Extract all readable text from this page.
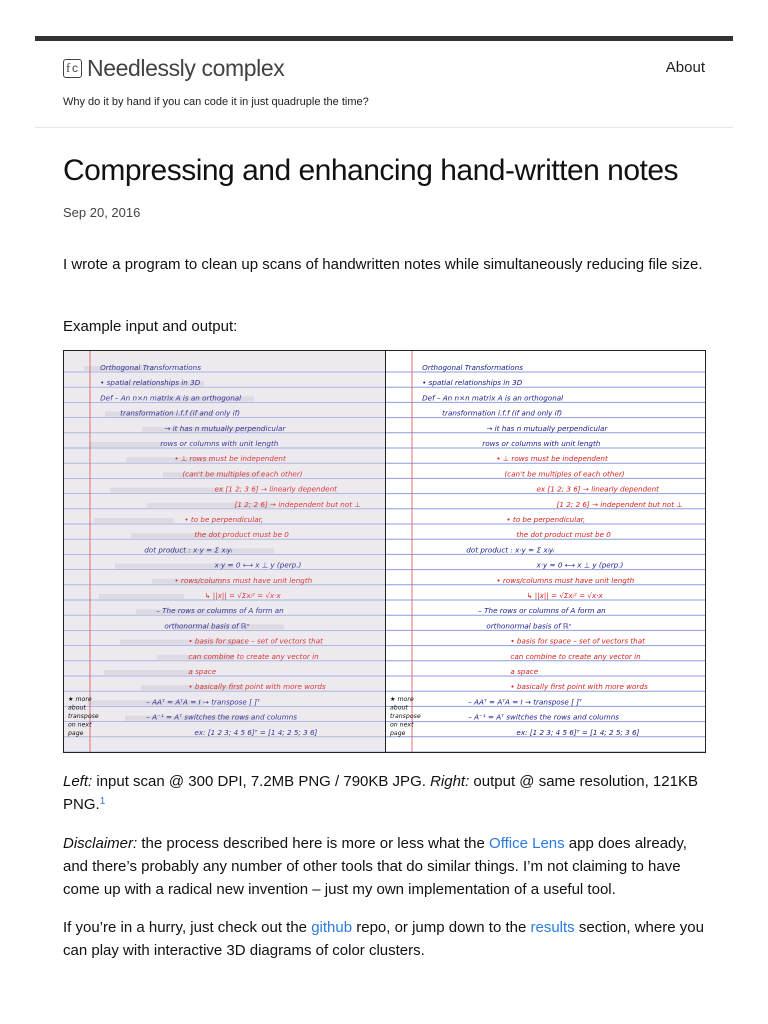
f c Needlessly complex	About
Why do it by hand if you can code it in just quadruple the time?
Compressing and enhancing hand-written notes
Sep 20, 2016

I wrote a program to clean up scans of handwritten notes while simultaneously reducing file size.

Example input and output:

Orthogonal Transformations
• spatial relationships in 3D
Def – An n×n matrix A is an orthogonal
transformation i.f.f (if and only if)
→ it has n mutually perpendicular
rows or columns with unit length
• ⊥ rows must be independent
(can't be multiples of each other)
ex [1 2; 3 6] → linearly dependent
[1 2; 2 6] → independent but not ⊥
• to be perpendicular,
the dot product must be 0
dot product : x·y = Σ xᵢyᵢ
x·y = 0 ⟷ x ⊥ y (perp.)
• rows/columns must have unit length
↳ ||x|| = √Σxᵢ² = √x·x
– The rows or columns of A form an
orthonormal basis of ℝⁿ
• basis for space – set of vectors that
can combine to create any vector in
a space
• basically first point with more words
– AAᵀ = AᵀA = I ⇝ transpose [ ]ᵀ
– A⁻¹ = Aᵀ switches the rows and columns
ex: [1 2 3; 4 5 6]ᵀ = [1 4; 2 5; 3 6]
★ more
about
transpose
on next
page
Orthogonal Transformations
• spatial relationships in 3D
Def – An n×n matrix A is an orthogonal
transformation i.f.f (if and only if)
→ it has n mutually perpendicular
rows or columns with unit length
• ⊥ rows must be independent
(can't be multiples of each other)
ex [1 2; 3 6] → linearly dependent
[1 2; 2 6] → independent but not ⊥
• to be perpendicular,
the dot product must be 0
dot product : x·y = Σ xᵢyᵢ
x·y = 0 ⟷ x ⊥ y (perp.)
• rows/columns must have unit length
↳ ||x|| = √Σxᵢ² = √x·x
– The rows or columns of A form an
orthonormal basis of ℝⁿ
• basis for space – set of vectors that
can combine to create any vector in
a space
• basically first point with more words
– AAᵀ = AᵀA = I ⇝ transpose [ ]ᵀ
– A⁻¹ = Aᵀ switches the rows and columns
ex: [1 2 3; 4 5 6]ᵀ = [1 4; 2 5; 3 6]
★ more
about
transpose
on next
page

Left: input scan @ 300 DPI, 7.2MB PNG / 790KB JPG. Right: output @ same resolution, 121KB PNG.$^1$

Disclaimer: the process described here is more or less what the Office Lens app does already, and there’s probably any number of other tools that do similar things. I’m not claiming to have come up with a radical new invention – just my own implementation of a useful tool.

If you’re in a hurry, just check out the github repo, or jump down to the results section, where you can play with interactive 3D diagrams of color clusters.
